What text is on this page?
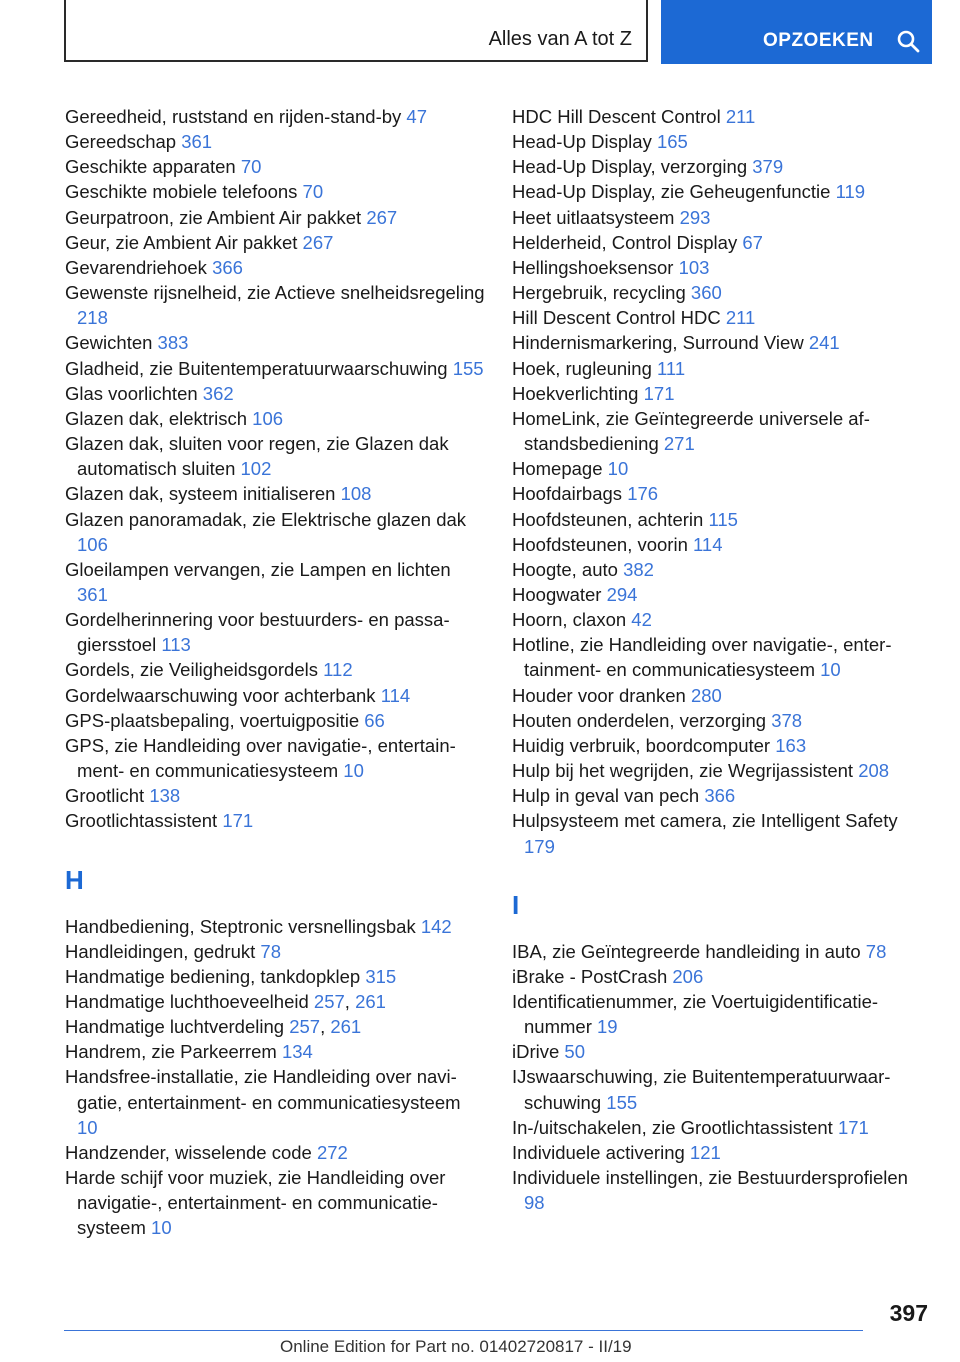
Alles van A tot Z	OPZOEKEN
Gereedheid, ruststand en rijden-stand-by 47
Gereedschap 361
Geschikte apparaten 70
Geschikte mobiele telefoons 70
Geurpatroon, zie Ambient Air pakket 267
Geur, zie Ambient Air pakket 267
Gevarendriehoek 366
Gewenste rijsnelheid, zie Actieve snelheidsregeling 218
Gewichten 383
Gladheid, zie Buitentemperatuurwaarschuwing 155
Glas voorlichten 362
Glazen dak, elektrisch 106
Glazen dak, sluiten voor regen, zie Glazen dak automatisch sluiten 102
Glazen dak, systeem initialiseren 108
Glazen panoramadak, zie Elektrische glazen dak 106
Gloeilampen vervangen, zie Lampen en lichten 361
Gordelherinnering voor bestuurders- en passagiersstoel 113
Gordels, zie Veiligheidsgordels 112
Gordelwaarschuwing voor achterbank 114
GPS-plaatsbepaling, voertuigpositie 66
GPS, zie Handleiding over navigatie-, entertainment- en communicatiesysteem 10
Grootlicht 138
Grootlichtassistent 171
H
Handbediening, Steptronic versnellingsbak 142
Handleidingen, gedrukt 78
Handmatige bediening, tankdopklep 315
Handmatige luchthoeveelheid 257, 261
Handmatige luchtverdeling 257, 261
Handrem, zie Parkeerrem 134
Handsfree-installatie, zie Handleiding over navigatie, entertainment- en communicatiesysteem 10
Handzender, wisselende code 272
Harde schijf voor muziek, zie Handleiding over navigatie-, entertainment- en communicatiesysteem 10
HDC Hill Descent Control 211
Head-Up Display 165
Head-Up Display, verzorging 379
Head-Up Display, zie Geheugenfunctie 119
Heet uitlaatsysteem 293
Helderheid, Control Display 67
Hellingshoeksensor 103
Hergebruik, recycling 360
Hill Descent Control HDC 211
Hindernismarkering, Surround View 241
Hoek, rugleuning 111
Hoekverlichting 171
HomeLink, zie Geïntegreerde universele afstandsbediening 271
Homepage 10
Hoofdairbags 176
Hoofdsteunen, achterin 115
Hoofdsteunen, voorin 114
Hoogte, auto 382
Hoogwater 294
Hoorn, claxon 42
Hotline, zie Handleiding over navigatie-, entertainment- en communicatiesysteem 10
Houder voor dranken 280
Houten onderdelen, verzorging 378
Huidig verbruik, boordcomputer 163
Hulp bij het wegrijden, zie Wegrijassistent 208
Hulp in geval van pech 366
Hulpsysteem met camera, zie Intelligent Safety 179
I
IBA, zie Geïntegreerde handleiding in auto 78
iBrake - PostCrash 206
Identificatienummer, zie Voertuigidentificatienummer 19
iDrive 50
IJswaarschuwing, zie Buitentemperatuurwaarschuwing 155
In-/uitschakelen, zie Grootlichtassistent 171
Individuele activering 121
Individuele instellingen, zie Bestuurdersprofielen 98
397
Online Edition for Part no. 01402720817 - II/19
